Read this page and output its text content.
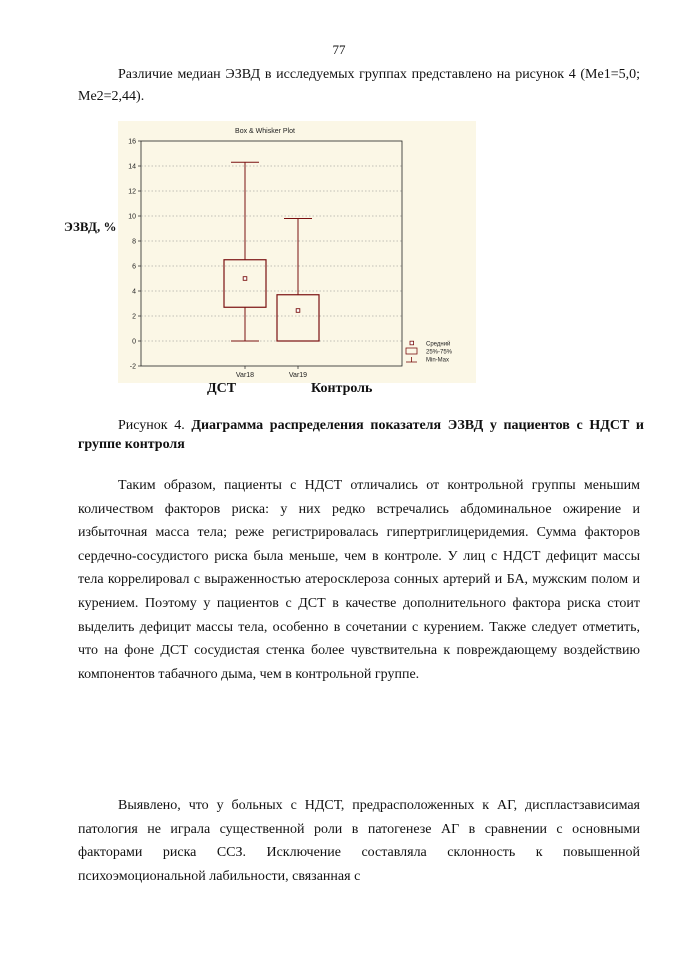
77

Различие медиан ЭЗВД в исследуемых группах представлено на рисунок 4 (Me1=5,0; Me2=2,44).

Box & Whisker Plot
-2
0
2
4
6
8
10
12
14
16
Var18	Var19
Средний
25%-75%
Min-Max
ЭЗВД, %
ДСТ	Контроль

Рисунок 4. Диаграмма распределения показателя ЭЗВД у пациентов с НДСТ и группе контроля

Таким образом, пациенты с НДСТ отличались от контрольной группы меньшим количеством факторов риска: у них редко встречались абдоминальное ожирение и избыточная масса тела; реже регистрировалась гипертриглицеридемия. Сумма факторов сердечно-сосудистого риска была меньше, чем в контроле. У лиц с НДСТ дефицит массы тела коррелировал с выраженностью атеросклероза сонных артерий и БА, мужским полом и курением. Поэтому у пациентов с ДСТ в качестве дополнительного фактора риска стоит выделить дефицит массы тела, особенно в сочетании с курением. Также следует отметить, что на фоне ДСТ сосудистая стенка более чувствительна к повреждающему воздействию компонентов табачного дыма, чем в контрольной группе.

Выявлено, что у больных с НДСТ, предрасположенных к АГ, диспластзависимая патология не играла существенной роли в патогенезе АГ в сравнении с основными факторами риска ССЗ. Исключение составляла склонность к повышенной психоэмоциональной лабильности, связанная с
